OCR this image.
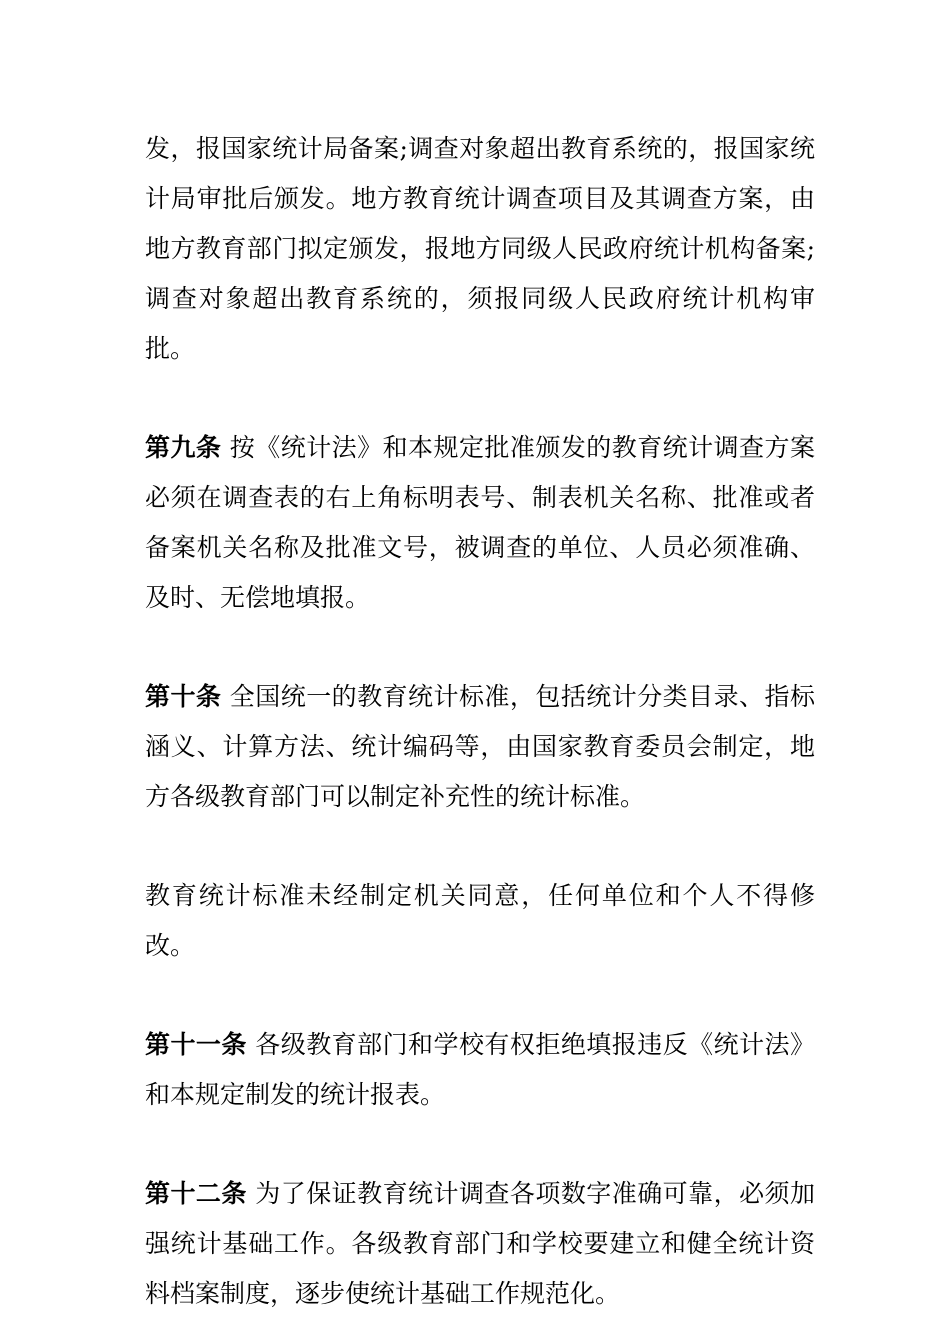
发，报国家统计局备案;调查对象超出教育系统的，报国家统计局审批后颁发。地方教育统计调查项目及其调查方案，由地方教育部门拟定颁发，报地方同级人民政府统计机构备案;调查对象超出教育系统的，须报同级人民政府统计机构审批。

第九条 按《统计法》和本规定批准颁发的教育统计调查方案必须在调查表的右上角标明表号、制表机关名称、批准或者备案机关名称及批准文号，被调查的单位、人员必须准确、及时、无偿地填报。

第十条 全国统一的教育统计标准，包括统计分类目录、指标涵义、计算方法、统计编码等，由国家教育委员会制定，地方各级教育部门可以制定补充性的统计标准。

教育统计标准未经制定机关同意，任何单位和个人不得修改。

第十一条 各级教育部门和学校有权拒绝填报违反《统计法》和本规定制发的统计报表。

第十二条 为了保证教育统计调查各项数字准确可靠，必须加强统计基础工作。各级教育部门和学校要建立和健全统计资料档案制度，逐步使统计基础工作规范化。
